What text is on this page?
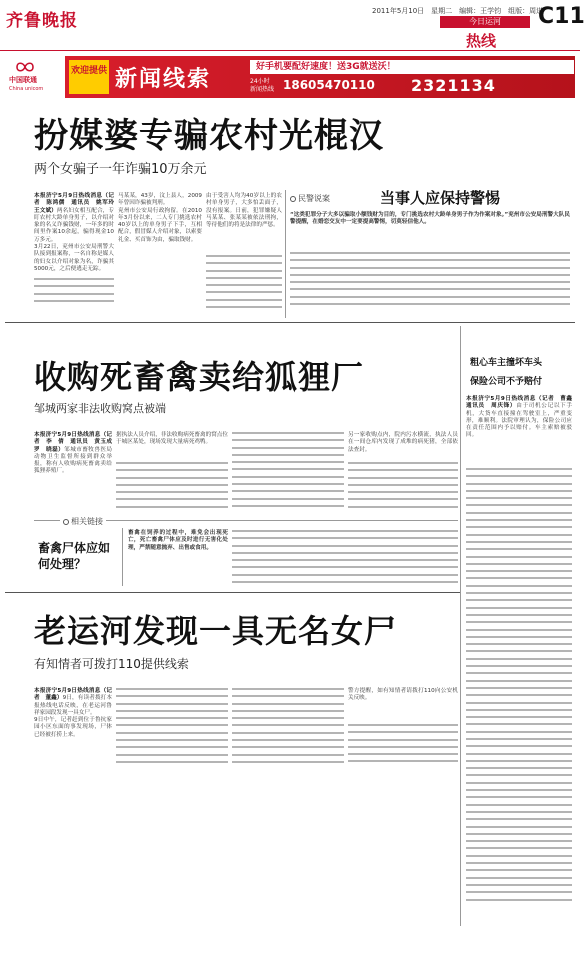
齐鲁晚报	2011年5月10日　星期二　编辑：王学钧　组版：周进
今日运河
热线
C11
中国联通
China unicom
欢迎提供 新闻线索	好手机要配好速度！送3G就送沃！
24小时新闻热线 18605470110 2321134
扮媒婆专骗农村光棍汉
两个女骗子一年诈骗10万余元
本报济宁5月9日热线消息（记者　陈鸿儒　通讯员　姚军玲　王文斌）两名妇女相互配合，专盯农村大龄单身男子，以介绍对象的名义诈骗钱财，一年多的时间里作案10余起，骗得现金10万多元。
3月22日，兖州市公安局刑警大队接到报案称，一名自称是媒人的妇女以介绍对象为名，诈骗其5000元，之后便逃走无踪。
马某某，43岁，汶上县人，2009年曾因诈骗被判刑。
兖州市公安局行政拘留。在2010年3月份以来，二人专门挑选农村40岁以上的单身男子下手，互相配合，假冒媒人介绍对象，以索要礼金、买首饰为由，骗取钱财。
由于受害人均为40岁以上的农村单身男子，大多怕丢面子，没有报案。日前，犯罪嫌疑人马某某、张某某被依法刑拘，等待他们的将是法律的严惩。
民警说案	当事人应保持警惕
“这类犯罪分子大多以骗取小额钱财为目的，专门挑选农村大龄单身男子作为作案对象。”兖州市公安局刑警大队民警提醒，在婚恋交友中一定要提高警惕，切莫轻信他人。
收购死畜禽卖给狐狸厂
邹城两家非法收购窝点被端
本报济宁5月9日热线消息（记者　李　倩　通讯员　黄玉成　罗　晓磊）邹城市畜牧兽医局动物卫生监督所接到群众举报，称有人收购病死畜禽卖给狐狸养殖厂。
据执法人员介绍，非法收购病死畜禽的窝点位于城区某处，现场发现大量病死鸡鸭。
另一家收购点内，院内污水横流，执法人员在一间仓库内发现了成堆的病死猪，全部依法查封。
相关链接
畜禽尸体应如何处理？
畜禽在饲养的过程中，难免会出现死亡，死亡畜禽尸体应及时进行无害化处理，严禁随意抛弃、出售或食用。
粗心车主撞坏车头
保险公司不予赔付
本报济宁5月9日热线消息（记者　曹鑫　通讯员　周庆锋）由于司机公记以下手机，大货车直接撞在驾驶室上，严重变形，难顺利。法院审理认为，保险公司应在责任范围内予以赔付。车主索赔被驳回。
老运河发现一具无名女尸
有知情者可拨打110提供线索
本报济宁5月9日热线消息（记者　董鑫）9日，有读者拨打本报热线电话反映，在老运河鲁祥家园段发现一具女尸。
9日中午，记者赶到位于鲁抗家园小区东面的事发现场，尸体已经被打捞上来。
警方提醒，如有知情者请拨打110向公安机关反映。
